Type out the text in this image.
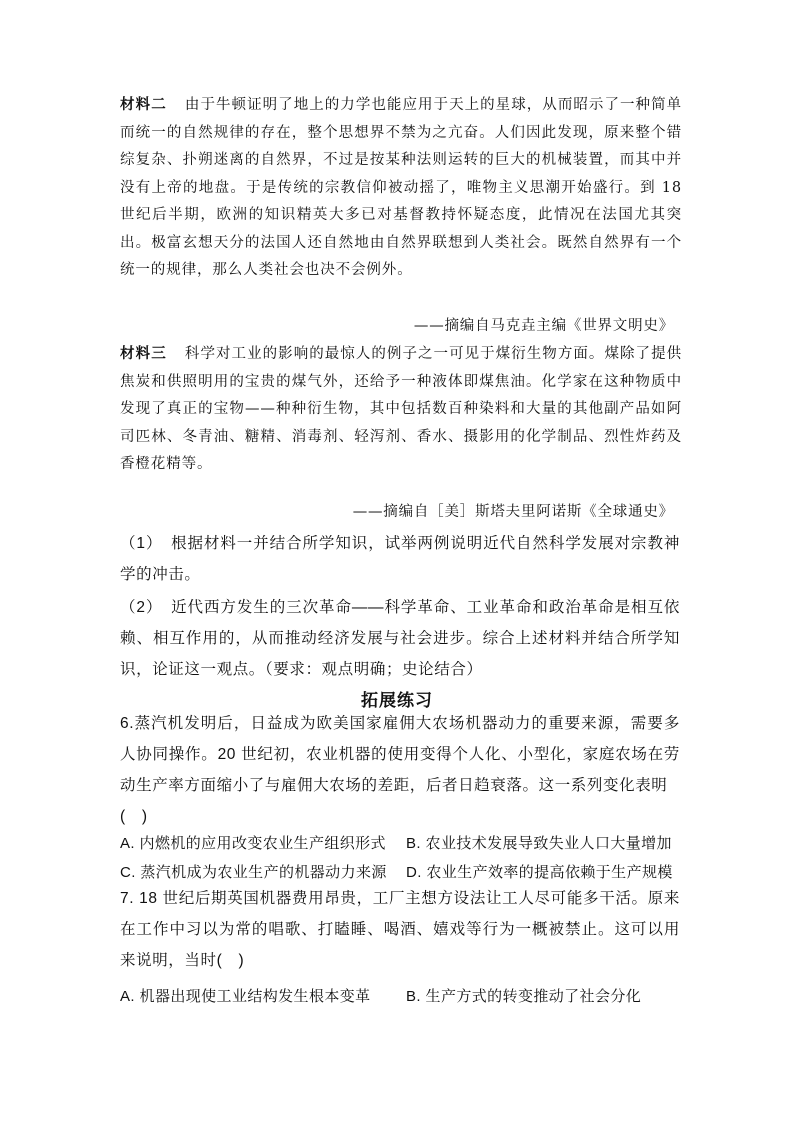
材料二 由于牛顿证明了地上的力学也能应用于天上的星球，从而昭示了一种简单而统一的自然规律的存在，整个思想界不禁为之亢奋。人们因此发现，原来整个错综复杂、扑朔迷离的自然界，不过是按某种法则运转的巨大的机械装置，而其中并没有上帝的地盘。于是传统的宗教信仰被动摇了，唯物主义思潮开始盛行。到 18 世纪后半期，欧洲的知识精英大多已对基督教持怀疑态度，此情况在法国尤其突出。极富玄想天分的法国人还自然地由自然界联想到人类社会。既然自然界有一个统一的规律，那么人类社会也决不会例外。
——摘编自马克垚主编《世界文明史》
材料三 科学对工业的影响的最惊人的例子之一可见于煤衍生物方面。煤除了提供焦炭和供照明用的宝贵的煤气外，还给予一种液体即煤焦油。化学家在这种物质中发现了真正的宝物——种种衍生物，其中包括数百种染料和大量的其他副产品如阿司匹林、冬青油、糖精、消毒剂、轻泻剂、香水、摄影用的化学制品、烈性炸药及香橙花精等。
——摘编自［美］斯塔夫里阿诺斯《全球通史》
（1）　根据材料一并结合所学知识，试举两例说明近代自然科学发展对宗教神学的冲击。
（2）　近代西方发生的三次革命——科学革命、工业革命和政治革命是相互依赖、相互作用的，从而推动经济发展与社会进步。综合上述材料并结合所学知识，论证这一观点。（要求：观点明确；史论结合）
拓展练习
6.蒸汽机发明后，日益成为欧美国家雇佣大农场机器动力的重要来源，需要多人协同操作。20 世纪初，农业机器的使用变得个人化、小型化，家庭农场在劳动生产率方面缩小了与雇佣大农场的差距，后者日趋衰落。这一系列变化表明
(　)
A. 内燃机的应用改变农业生产组织形式 B. 农业技术发展导致失业人口大量增加
C. 蒸汽机成为农业生产的机器动力来源 D. 农业生产效率的提高依赖于生产规模
7. 18 世纪后期英国机器费用昂贵，工厂主想方设法让工人尽可能多干活。原来在工作中习以为常的唱歌、打瞌睡、喝酒、嬉戏等行为一概被禁止。这可以用来说明，当时(　)
A. 机器出现使工业结构发生根本变革 B. 生产方式的转变推动了社会分化
